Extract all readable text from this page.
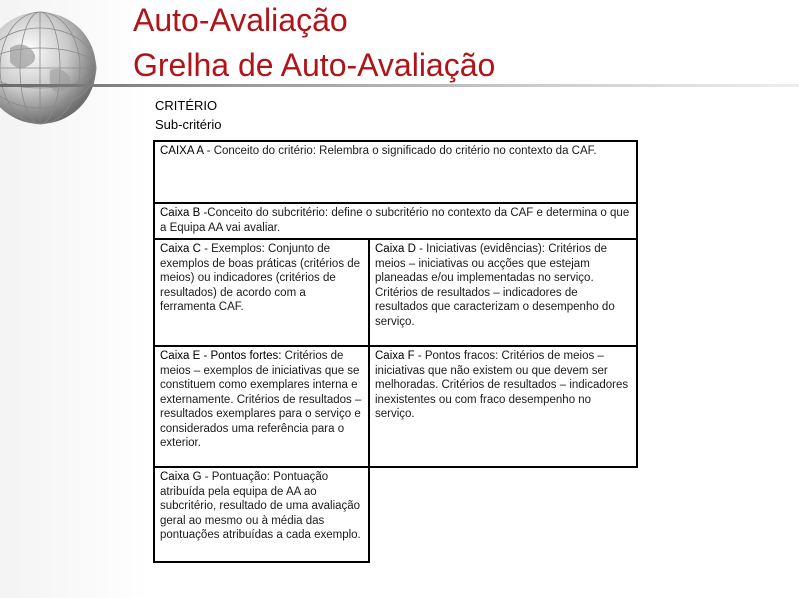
Auto-Avaliação
Grelha de Auto-Avaliação
CRITÉRIO
Sub-critério
CAIXA A - Conceito do critério: Relembra o significado do critério no contexto da CAF.
Caixa B -Conceito do subcritério: define o subcritério no contexto da CAF e determina o que a Equipa AA vai avaliar.
Caixa C - Exemplos: Conjunto de exemplos de boas práticas (critérios de meios) ou indicadores (critérios de resultados) de acordo com a ferramenta CAF.
Caixa D - Iniciativas (evidências): Critérios de meios – iniciativas ou acções que estejam planeadas e/ou implementadas no serviço. Critérios de resultados – indicadores de resultados que caracterizam o desempenho do serviço.
Caixa E - Pontos fortes: Critérios de meios – exemplos de iniciativas que se constituem como exemplares interna e externamente. Critérios de resultados – resultados exemplares para o serviço e considerados uma referência para o exterior.
Caixa F - Pontos fracos: Critérios de meios – iniciativas que não existem ou que devem ser melhoradas. Critérios de resultados – indicadores inexistentes ou com fraco desempenho no serviço.
Caixa G - Pontuação: Pontuação atribuída pela equipa de AA ao subcritério, resultado de uma avaliação geral ao mesmo ou à média das pontuações atribuídas a cada exemplo.
